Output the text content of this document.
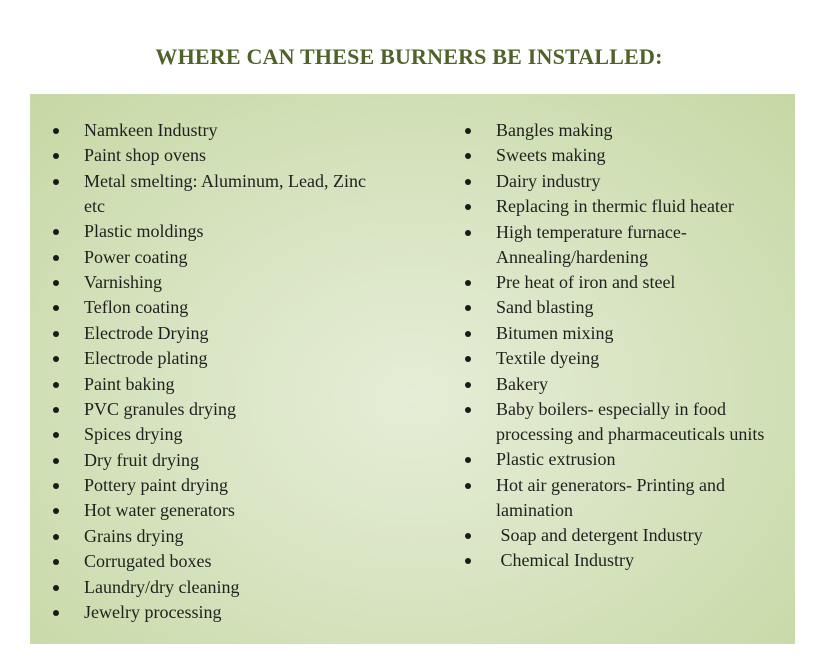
WHERE CAN THESE BURNERS BE INSTALLED:
Namkeen Industry
Paint shop ovens
Metal smelting: Aluminum, Lead, Zinc etc
Plastic moldings
Power coating
Varnishing
Teflon coating
Electrode Drying
Electrode plating
Paint baking
PVC granules drying
Spices drying
Dry fruit drying
Pottery paint drying
Hot water generators
Grains drying
Corrugated boxes
Laundry/dry cleaning
Jewelry processing
Bangles making
Sweets making
Dairy industry
Replacing in thermic fluid heater
High temperature furnace-Annealing/hardening
Pre heat of iron and steel
Sand blasting
Bitumen mixing
Textile dyeing
Bakery
Baby boilers- especially in food processing and pharmaceuticals units
Plastic extrusion
Hot air generators- Printing and lamination
Soap and detergent Industry
Chemical Industry
